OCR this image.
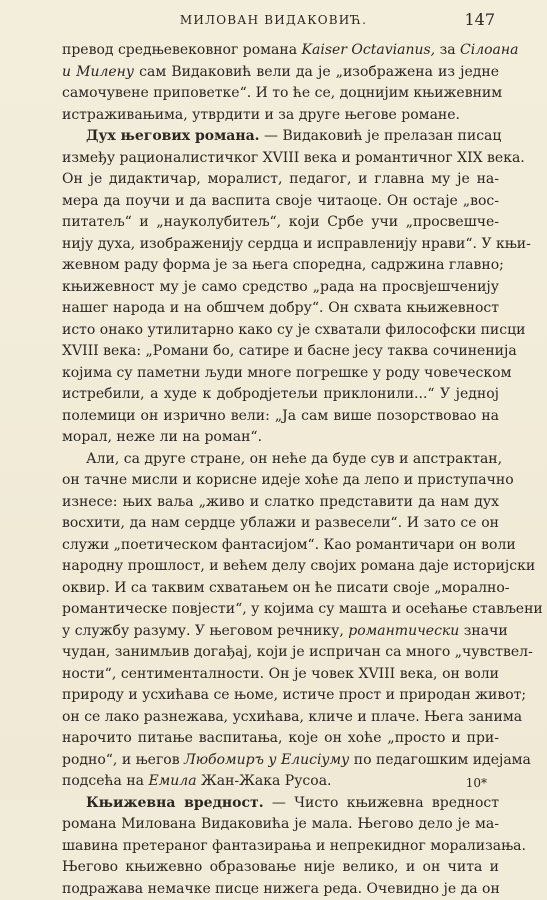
МИЛОВАН ВИДАКОВИЋ.	147
превод средњевековног романа Kaiser Octavianus, за Сілоана
и Милену сам Видаковић вели да је „изображена из једне
самочувене приповетке“. И то ће се, доцнијим књижевним
истраживањима, утврдити и за друге његове романе.
Дух његових романа. — Видаковић је прелазан писац
између рационалистичког XVIII века и романтичног XIX века.
Он је дидактичар, моралист, педагог, и главна му је на-
мера да поучи и да васпита своје читаоце. Он остаје „вос-
питатељ“ и „науколубитељ“, који Србе учи „просвешче-
нију духа, изображенију сердца и исправленију нрави“. У књи-
жевном раду форма је за њега споредна, садржина главно;
књижевност му је само средство „рада на просвјешченију
нашег народа и на обшчем добру“. Он схвата књижевност
исто онако утилитарно како су је схватали философски писци
XVIII века: „Романи бо, сатире и басне јесу таква сочиненија
којима су паметни људи многе погрешке у роду човеческом
истребили, а худе к добродјетељи приклонили...“ У једној
полемици он изрично вели: „Ја сам више позорствовао на
морал, неже ли на роман“.
Али, са друге стране, он неће да буде сув и апстрактан,
он тачне мисли и корисне идеје хоће да лепо и приступачно
изнесе: њих ваља „живо и слатко представити да нам дух
восхити, да нам сердце ублажи и развесели“. И зато се он
служи „поетическом фантасијом“. Као романтичари он воли
народну прошлост, и већем делу својих романа даје историјски
оквир. И са таквим схватањем он ће писати своје „морално-
романтическе повјести“, у којима су машта и осећање стављени
у службу разуму. У његовом речнику, романтически значи
чудан, занимљив догађај, који је испричан са много „чувствел-
ности“, сентименталности. Он је човек XVIII века, он воли
природу и усхићава се њоме, истиче прост и природан живот;
он се лако разнежава, усхићава, кличе и плаче. Њега занима
нарочито питање васпитања, које он хоће „просто и при-
родно“, и његов Любомиръ у Елисіуму по педагошким идејама
подсећа на Емила Жан-Жака Русоа.
Књижевна вредност. — Чисто књижевна вредност
романа Милована Видаковића је мала. Његово дело је ма-
шавина претераног фантазирања и непрекидног морализања.
Његово књижевно образовање није велико, и он чита и
подражава немачке писце нижега реда. Очевидно је да он
10*
